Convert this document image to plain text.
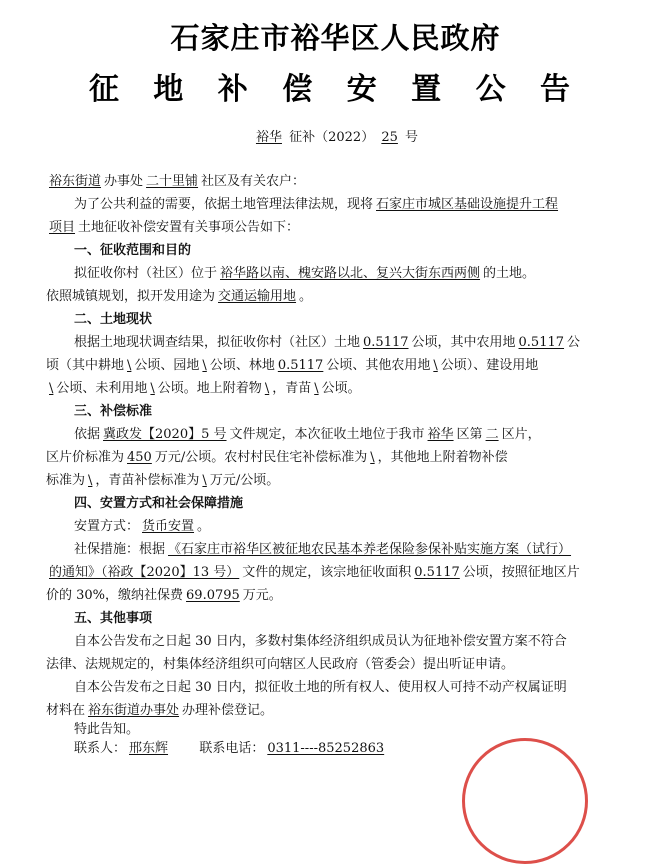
石家庄市裕华区人民政府
征 地 补 偿 安 置 公 告
裕华 征补（2022） 25 号
裕东街道 办事处 二十里铺 社区及有关农户：
为了公共利益的需要，依据土地管理法律法规，现将 石家庄市城区基础设施提升工程
项目 土地征收补偿安置有关事项公告如下：
一、征收范围和目的
拟征收你村（社区）位于 裕华路以南、槐安路以北、复兴大街东西两侧 的土地。
依照城镇规划，拟开发用途为 交通运输用地 。
二、土地现状
根据土地现状调查结果，拟征收你村（社区）土地 0.5117 公顷，其中农用地 0.5117 公
顷（其中耕地 \ 公顷、园地 \ 公顷、林地 0.5117 公顷、其他农用地 \ 公顷）、建设用地
\ 公顷、未利用地 \ 公顷。地上附着物 \ ，青苗 \ 公顷。
三、补偿标准
依据 冀政发【2020】5 号 文件规定，本次征收土地位于我市 裕华 区第 二 区片，
区片价标准为 450 万元/公顷。农村村民住宅补偿标准为 \ ，其他地上附着物补偿
标准为 \ ，青苗补偿标准为 \ 万元/公顷。
四、安置方式和社会保障措施
安置方式： 货币安置 。
社保措施：根据 《石家庄市裕华区被征地农民基本养老保险参保补贴实施方案（试行）
的通知》（裕政【2020】13 号） 文件的规定，该宗地征收面积 0.5117 公顷，按照征地区片
价的 30%，缴纳社保费 69.0795 万元。
五、其他事项
自本公告发布之日起 30 日内，多数村集体经济组织成员认为征地补偿安置方案不符合
法律、法规规定的，村集体经济组织可向辖区人民政府（管委会）提出听证申请。
自本公告发布之日起 30 日内，拟征收土地的所有权人、使用权人可持不动产权属证明
材料在 裕东街道办事处 办理补偿登记。
特此告知。
联系人： 邢东辉 联系电话： 0311----85252863
